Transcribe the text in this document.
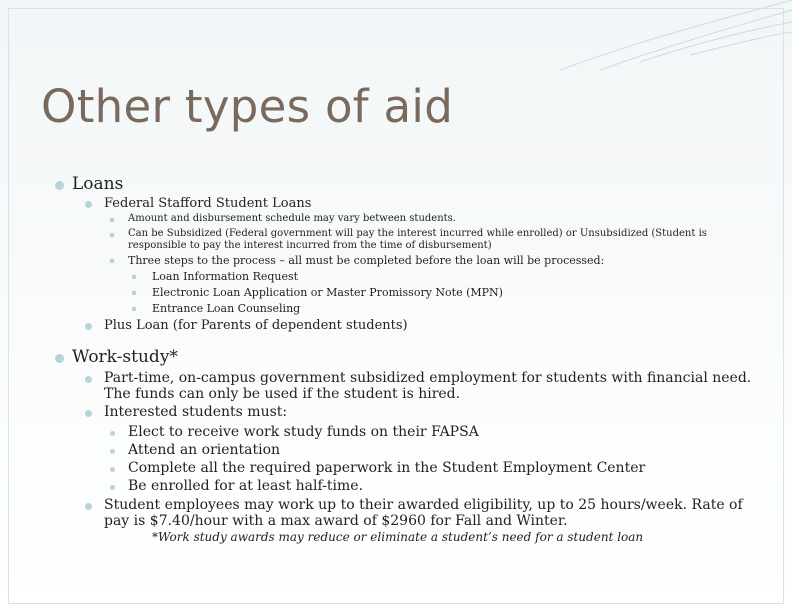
Other types of aid
Loans
Federal Stafford Student Loans
Amount and disbursement schedule may vary between students.
Can be Subsidized (Federal government will pay the interest incurred while enrolled) or Unsubsidized (Student is
responsible to pay the interest incurred from the time of disbursement)
Three steps to the process – all must be completed before the loan will be processed:
Loan Information Request
Electronic Loan Application or Master Promissory Note (MPN)
Entrance Loan Counseling
Plus Loan (for Parents of dependent students)
Work-study*
Part-time, on-campus government subsidized employment for students with financial need.
The funds can only be used if the student is hired.
Interested students must:
Elect to receive work study funds on their FAPSA
Attend an orientation
Complete all the required paperwork in the Student Employment Center
Be enrolled for at least half-time.
Student employees may work up to their awarded eligibility, up to 25 hours/week. Rate of
pay is $7.40/hour with a max award of $2960 for Fall and Winter.
*Work study awards may reduce or eliminate a student’s need for a student loan
